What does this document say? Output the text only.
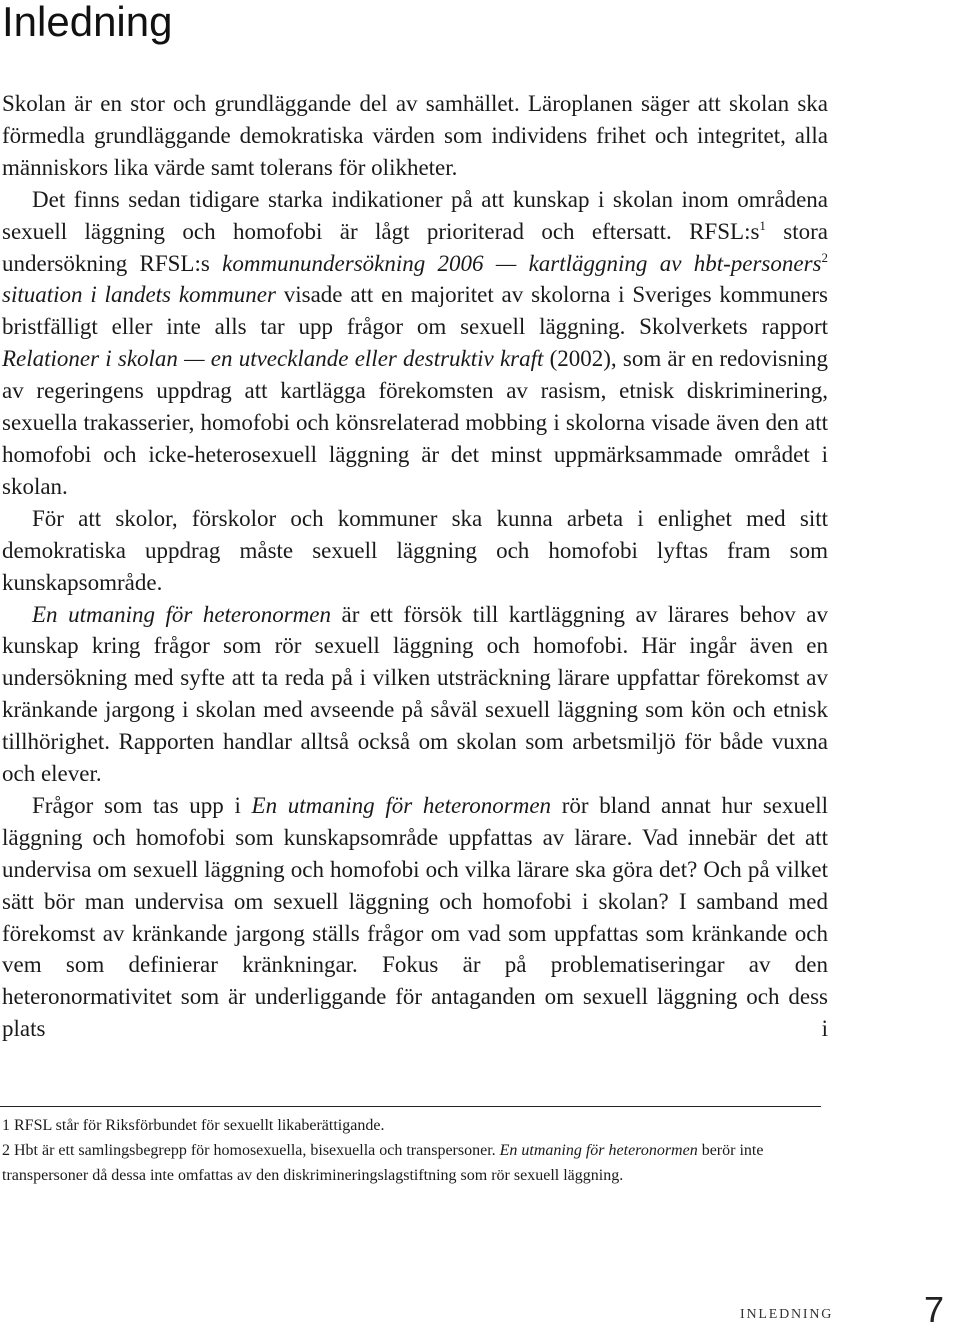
Inledning

Skolan är en stor och grundläggande del av samhället. Läroplanen säger att skolan ska förmedla grundläggande demokratiska värden som individens frihet och integritet, alla människors lika värde samt tolerans för olikheter.

Det finns sedan tidigare starka indikationer på att kunskap i skolan inom områdena sexuell läggning och homofobi är lågt prioriterad och eftersatt. $RFSL:s^1$ stora undersökning RFSL:s kommunundersökning 2006 — kartläggning av hbt-personers$^2$ situation i landets kommuner visade att en majoritet av skolorna i Sveriges kommuners bristfälligt eller inte alls tar upp frågor om sexuell läggning. Skolverkets rapport Relationer i skolan — en utvecklande eller destruktiv kraft (2002), som är en redovisning av regeringens uppdrag att kartlägga förekomsten av rasism, etnisk diskriminering, sexuella trakasserier, homofobi och könsrelaterad mobbing i skolorna visade även den att homofobi och icke-heterosexuell läggning är det minst uppmärksammade området i skolan.

För att skolor, förskolor och kommuner ska kunna arbeta i enlighet med sitt demokratiska uppdrag måste sexuell läggning och homofobi lyftas fram som kunskapsområde.

En utmaning för heteronormen är ett försök till kartläggning av lärares behov av kunskap kring frågor som rör sexuell läggning och homofobi. Här ingår även en undersökning med syfte att ta reda på i vilken utsträckning lärare uppfattar förekomst av kränkande jargong i skolan med avseende på såväl sexuell läggning som kön och etnisk tillhörighet. Rapporten handlar alltså också om skolan som arbetsmiljö för både vuxna och elever.

Frågor som tas upp i En utmaning för heteronormen rör bland annat hur sexuell läggning och homofobi som kunskapsområde uppfattas av lärare. Vad innebär det att undervisa om sexuell läggning och homofobi och vilka lärare ska göra det? Och på vilket sätt bör man undervisa om sexuell läggning och homofobi i skolan? I samband med förekomst av kränkande jargong ställs frågor om vad som uppfattas som kränkande och vem som definierar kränkningar. Fokus är på problematiseringar av den heteronormativitet som är underliggande för antaganden om sexuell läggning och dess plats i

1 RFSL står för Riksförbundet för sexuellt likaberättigande.

2 Hbt är ett samlingsbegrepp för homosexuella, bisexuella och transpersoner. En utmaning för heteronormen berör inte transpersoner då dessa inte omfattas av den diskrimineringslagstiftning som rör sexuell läggning.

INLEDNING	7
